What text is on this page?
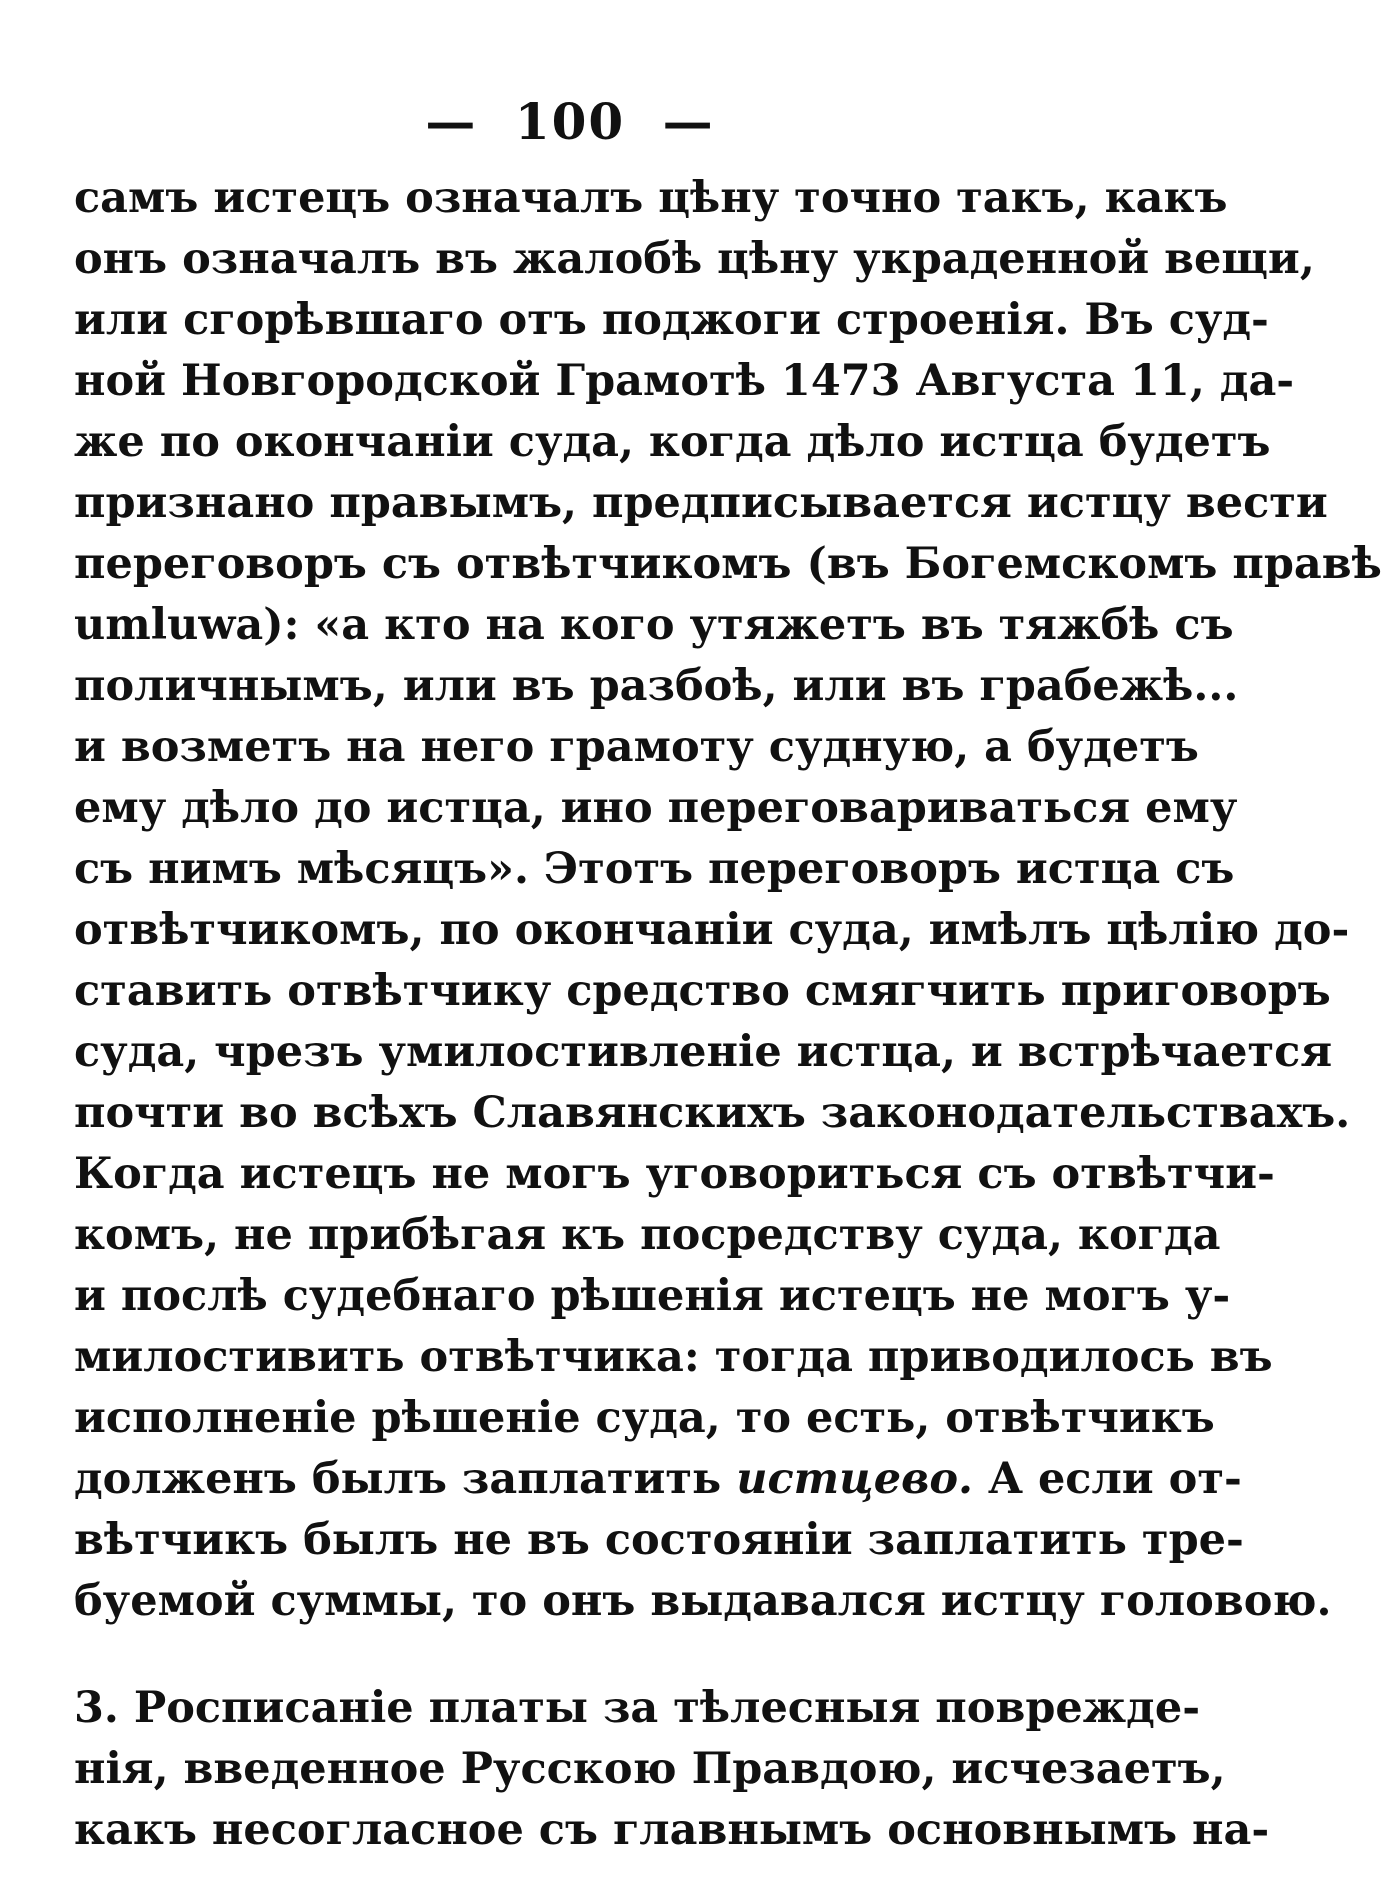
— 100 —
самъ истецъ означалъ цѣну точно такъ, какъ
онъ означалъ въ жалобѣ цѣну украденной вещи,
или сгорѣвшаго отъ поджоги строенія. Въ суд-
ной Новгородской Грамотѣ 1473 Августа 11, да-
же по окончаніи суда, когда дѣло истца будетъ
признано правымъ, предписывается истцу вести
переговоръ съ отвѣтчикомъ (въ Богемскомъ правѣ
umluwa): «а кто на кого утяжетъ въ тяжбѣ съ
поличнымъ, или въ разбоѣ, или въ грабежѣ...
и возметъ на него грамоту судную, а будетъ
ему дѣло до истца, ино переговариваться ему
съ нимъ мѣсяцъ». Этотъ переговоръ истца съ
отвѣтчикомъ, по окончаніи суда, имѣлъ цѣлію до-
ставить отвѣтчику средство смягчить приговоръ
суда, чрезъ умилостивленіе истца, и встрѣчается
почти во всѣхъ Славянскихъ законодательствахъ.
Когда истецъ не могъ уговориться съ отвѣтчи-
комъ, не прибѣгая къ посредству суда, когда
и послѣ судебнаго рѣшенія истецъ не могъ у-
милостивить отвѣтчика: тогда приводилось въ
исполненіе рѣшеніе суда, то есть, отвѣтчикъ
долженъ былъ заплатить истцево. А если от-
вѣтчикъ былъ не въ состояніи заплатить тре-
буемой суммы, то онъ выдавался истцу головою.
3. Росписаніе платы за тѣлесныя поврежде-
нія, введенное Русскою Правдою, исчезаетъ,
какъ несогласное съ главнымъ основнымъ на-
